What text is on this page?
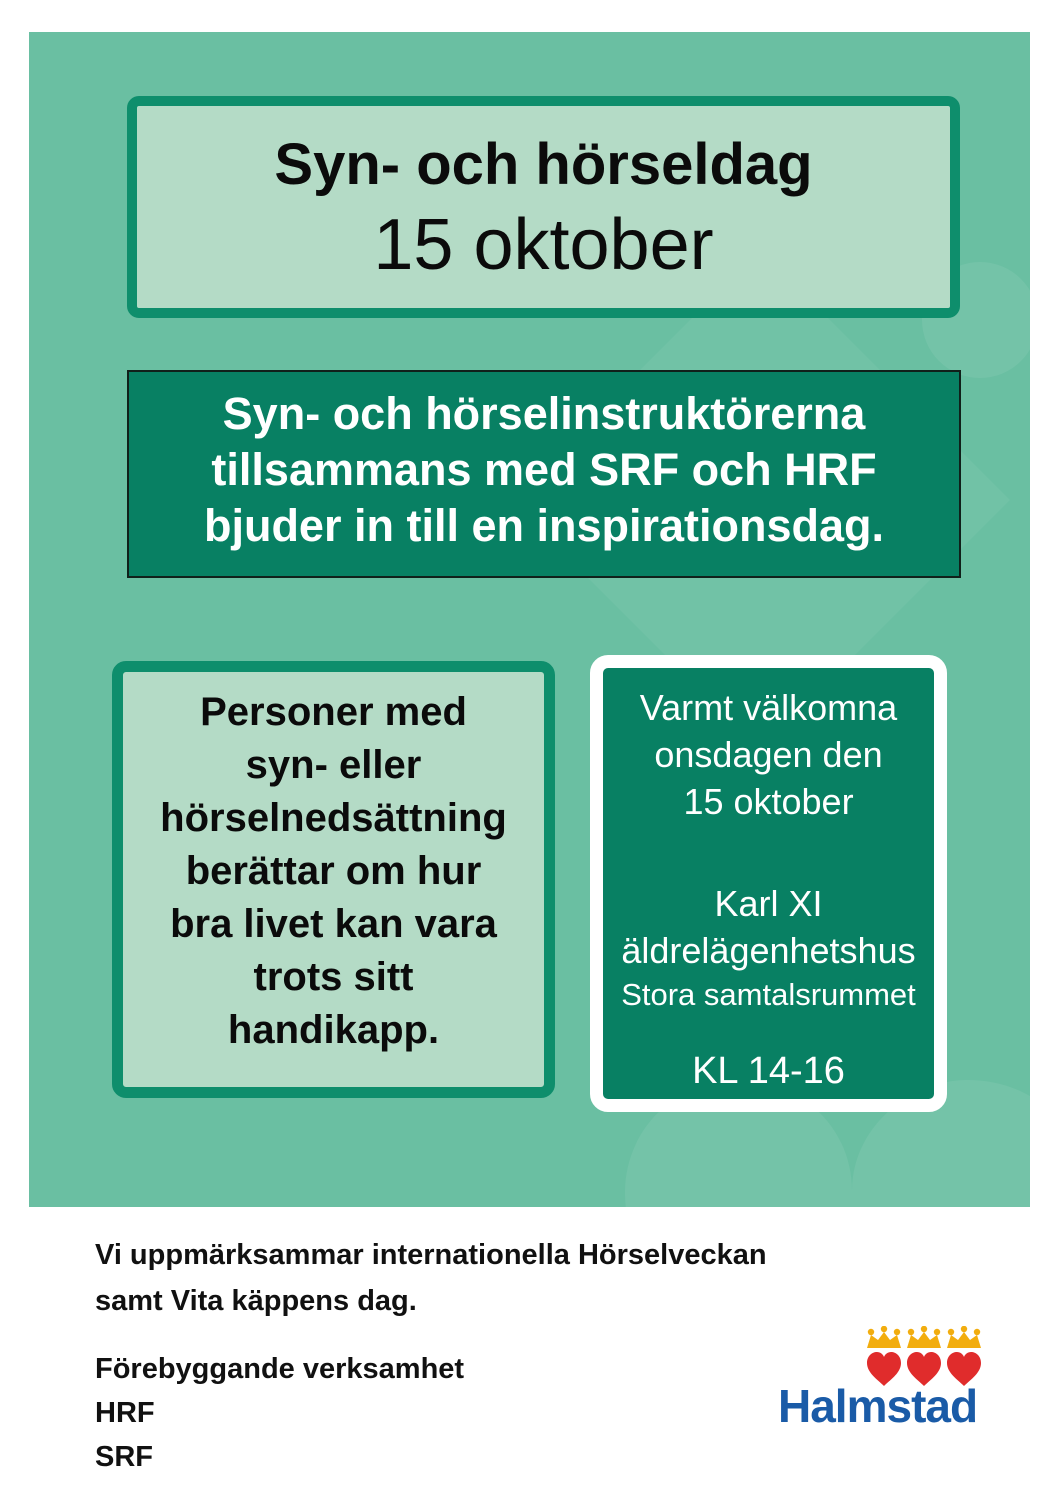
Syn- och hörseldag
15 oktober
Syn- och hörselinstruktörerna
tillsammans med SRF och HRF
bjuder in till en inspirationsdag.
Personer med
syn- eller
hörselnedsättning
berättar om hur
bra livet kan vara
trots sitt
handikapp.
Varmt välkomna
onsdagen den
15 oktober
Karl XI
äldrelägenhetshus
Stora samtalsrummet
KL 14-16
Vi uppmärksammar internationella Hörselveckan
samt Vita käppens dag.
Förebyggande verksamhet
HRF
SRF
Halmstad
